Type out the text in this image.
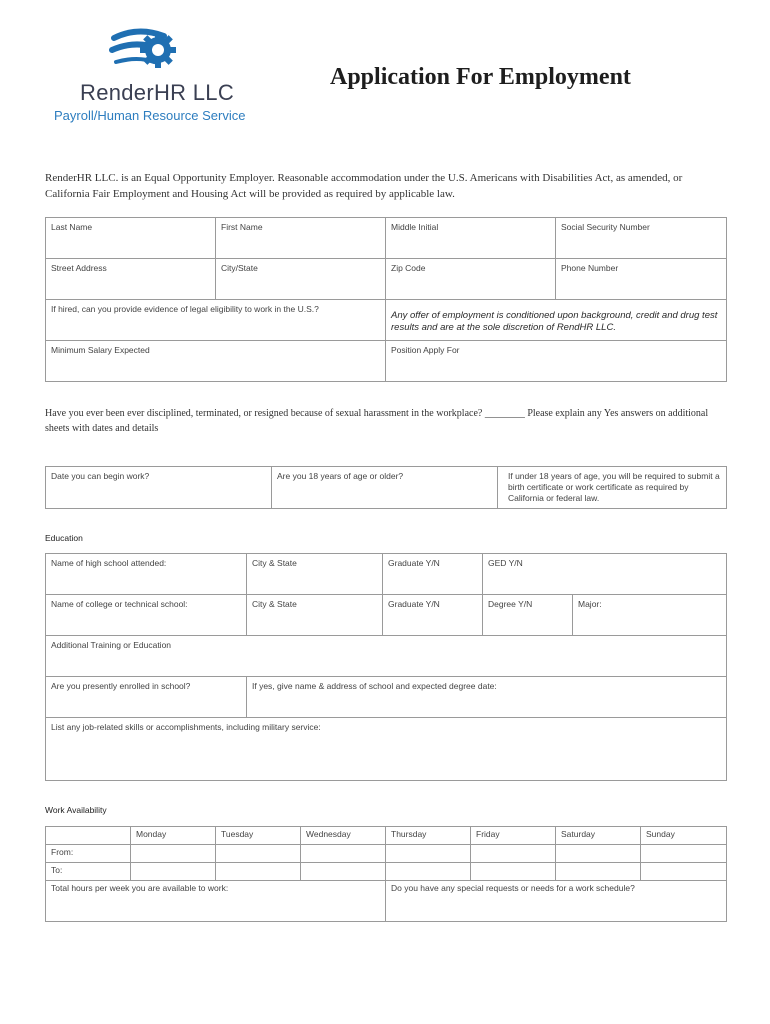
RenderHR LLC
Payroll/Human Resource Service
Application For Employment
RenderHR LLC. is an Equal Opportunity Employer. Reasonable accommodation under the U.S. Americans with Disabilities Act, as amended, or California Fair Employment and Housing Act will be provided as required by applicable law.
Last Name	First Name	Middle Initial	Social Security Number
Street Address	City/State	Zip Code	Phone Number
If hired, can you provide evidence of legal eligibility to work in the U.S.?		Any offer of employment is conditioned upon background, credit and drug test results and are at the sole discretion of RendHR LLC.	

Minimum Salary Expected		Position Apply For	
Have you ever been ever disciplined, terminated, or resigned because of sexual harassment in the workplace? ________ Please explain any Yes answers on additional sheets with dates and details
Date you can begin work?	Are you 18 years of age or older?	If under 18 years of age, you will be required to submit a birth certificate or work certificate as required by California or federal law.
Education
Name of high school attended:	City & State	Graduate Y/N	GED Y/N	
Name of college or technical school:	City & State	Graduate Y/N	Degree Y/N	Major:
Additional Training or Education				
Are you presently enrolled in school?	If yes, give name & address of school and expected degree date:			
List any job-related skills or accomplishments, including military service:				
Work Availability
	Monday	Tuesday	Wednesday	Thursday	Friday	Saturday	Sunday
From:							
To:							
Total hours per week you are available to work:				Do you have any special requests or needs for a work schedule?			
